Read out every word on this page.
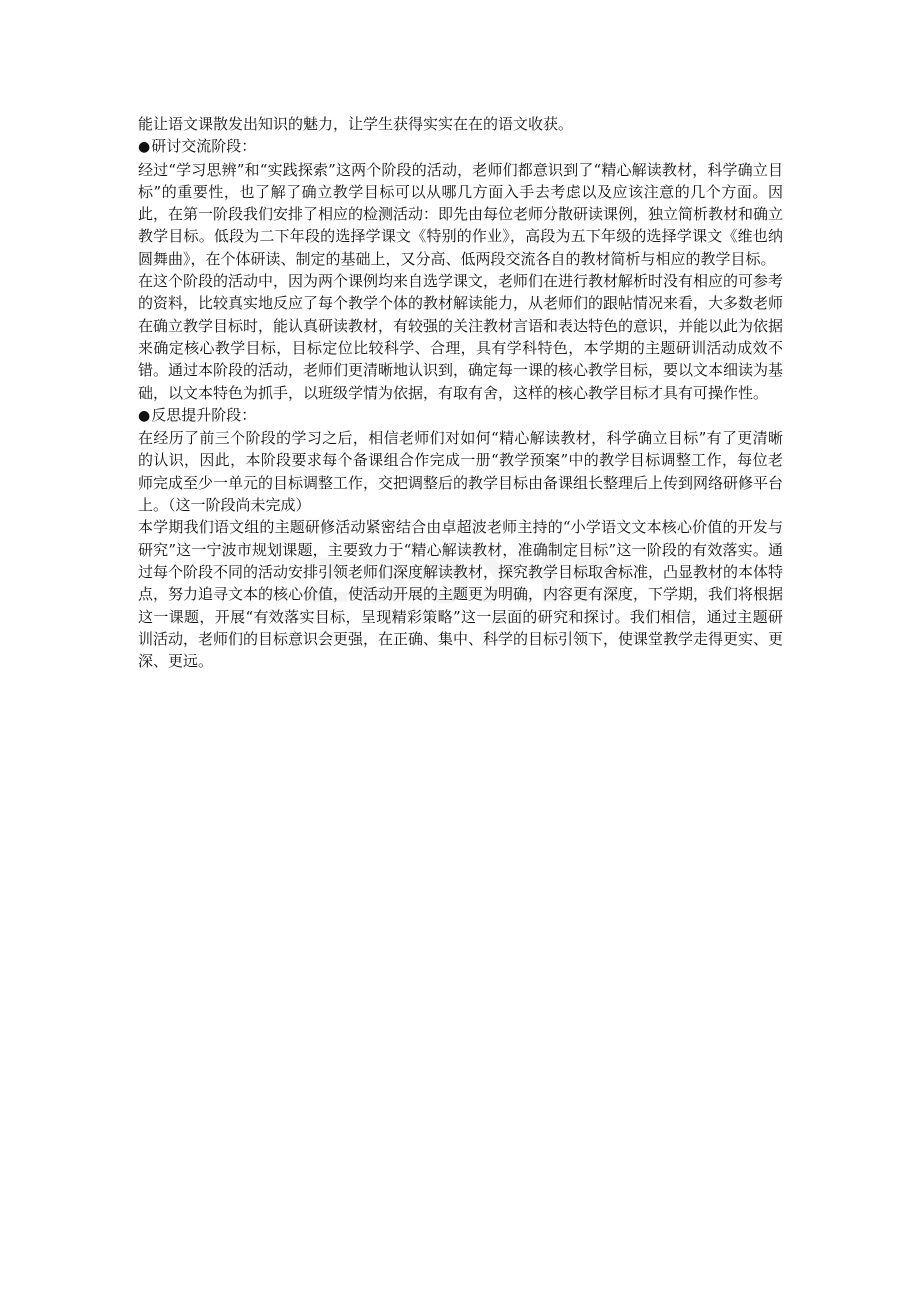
能让语文课散发出知识的魅力，让学生获得实实在在的语文收获。

●研讨交流阶段：

经过“学习思辨”和“实践探索”这两个阶段的活动，老师们都意识到了“精心解读教材，科学确立目标”的重要性，也了解了确立教学目标可以从哪几方面入手去考虑以及应该注意的几个方面。因此，在第一阶段我们安排了相应的检测活动：即先由每位老师分散研读课例，独立简析教材和确立教学目标。低段为二下年段的选择学课文《特别的作业》，高段为五下年级的选择学课文《维也纳圆舞曲》，在个体研读、制定的基础上，又分高、低两段交流各自的教材简析与相应的教学目标。

在这个阶段的活动中，因为两个课例均来自选学课文，老师们在进行教材解析时没有相应的可参考的资料，比较真实地反应了每个教学个体的教材解读能力，从老师们的跟帖情况来看，大多数老师在确立教学目标时，能认真研读教材，有较强的关注教材言语和表达特色的意识，并能以此为依据来确定核心教学目标，目标定位比较科学、合理，具有学科特色，本学期的主题研训活动成效不错。通过本阶段的活动，老师们更清晰地认识到，确定每一课的核心教学目标，要以文本细读为基础，以文本特色为抓手，以班级学情为依据，有取有舍，这样的核心教学目标才具有可操作性。

●反思提升阶段：

在经历了前三个阶段的学习之后，相信老师们对如何“精心解读教材，科学确立目标”有了更清晰的认识，因此，本阶段要求每个备课组合作完成一册“教学预案”中的教学目标调整工作，每位老师完成至少一单元的目标调整工作，交把调整后的教学目标由备课组长整理后上传到网络研修平台上。（这一阶段尚未完成）

本学期我们语文组的主题研修活动紧密结合由卓超波老师主持的“小学语文文本核心价值的开发与研究”这一宁波市规划课题，主要致力于“精心解读教材，准确制定目标”这一阶段的有效落实。通过每个阶段不同的活动安排引领老师们深度解读教材，探究教学目标取舍标准，凸显教材的本体特点，努力追寻文本的核心价值，使活动开展的主题更为明确，内容更有深度，下学期，我们将根据这一课题，开展“有效落实目标，呈现精彩策略”这一层面的研究和探讨。我们相信，通过主题研训活动，老师们的目标意识会更强，在正确、集中、科学的目标引领下，使课堂教学走得更实、更深、更远。
